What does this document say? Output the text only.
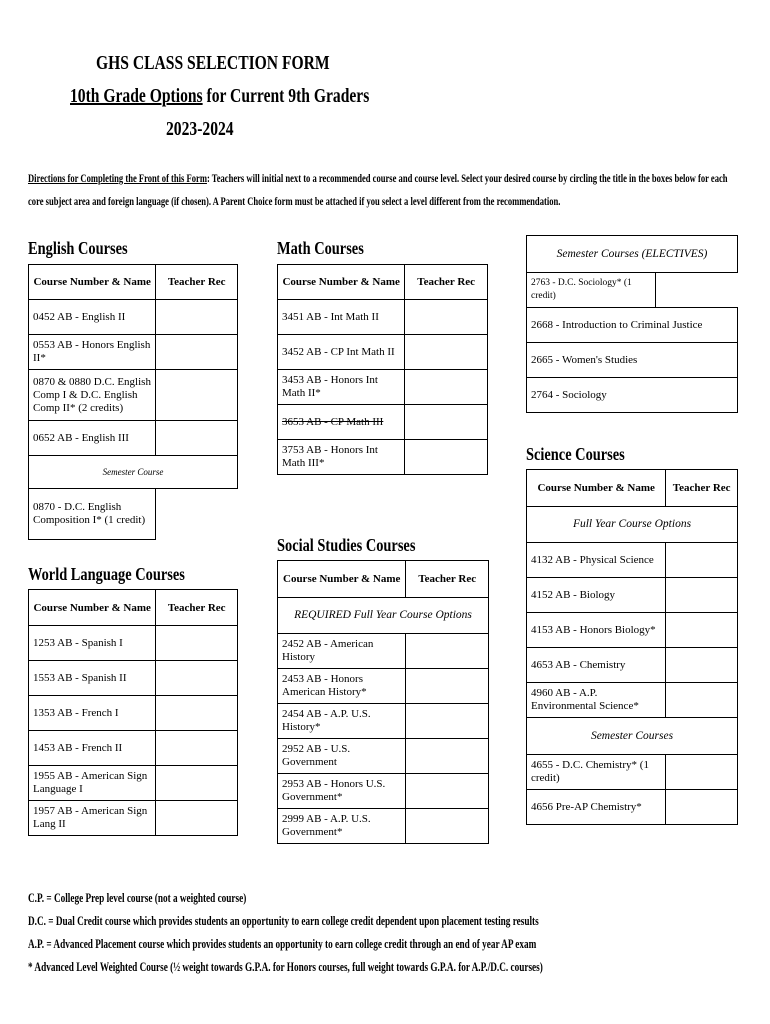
GHS CLASS SELECTION FORM
10th Grade Options for Current 9th Graders
2023-2024
Directions for Completing the Front of this Form: Teachers will initial next to a recommended course and course level. Select your desired course by circling the title in the boxes below for each core subject area and foreign language (if chosen). A Parent Choice form must be attached if you select a level different from the recommendation.
English Courses
Course Number & Name	Teacher Rec
0452 AB - English II	
0553 AB - Honors English II*	
0870 & 0880 D.C. English Comp I & D.C. English Comp II* (2 credits)	
0652 AB - English III	
Semester Course	
0870 - D.C. English Composition I* (1 credit)	
World Language Courses
Course Number & Name	Teacher Rec
1253 AB - Spanish I	
1553 AB - Spanish II	
1353 AB - French I	
1453 AB - French II	
1955 AB - American Sign Language I	
1957 AB - American Sign Lang II	
Math Courses
Course Number & Name	Teacher Rec
3451 AB - Int Math II	
3452 AB - CP Int Math II	
3453 AB - Honors Int Math II*	
3653 AB - CP Math III	
3753 AB - Honors Int Math III*	
Social Studies Courses
Course Number & Name	Teacher Rec
REQUIRED Full Year Course Options	
2452 AB - American History	
2453 AB - Honors American History*	
2454 AB - A.P. U.S. History*	
2952 AB - U.S. Government	
2953 AB - Honors U.S. Government*	
2999 AB - A.P. U.S. Government*	
Semester Courses (ELECTIVES)
2763 - D.C. Sociology* (1 credit)	
2668 - Introduction to Criminal Justice
2665 - Women's Studies
2764 - Sociology
Science Courses
Course Number & Name	Teacher Rec
Full Year Course Options	
4132 AB - Physical Science	
4152 AB - Biology	
4153 AB - Honors Biology*	
4653 AB - Chemistry	
4960 AB - A.P. Environmental Science*	
Semester Courses	
4655 - D.C. Chemistry* (1 credit)	
4656 Pre-AP Chemistry*	
C.P. = College Prep level course (not a weighted course)
D.C. = Dual Credit course which provides students an opportunity to earn college credit dependent upon placement testing results
A.P. = Advanced Placement course which provides students an opportunity to earn college credit through an end of year AP exam
* Advanced Level Weighted Course (½ weight towards G.P.A. for Honors courses, full weight towards G.P.A. for A.P./D.C. courses)
